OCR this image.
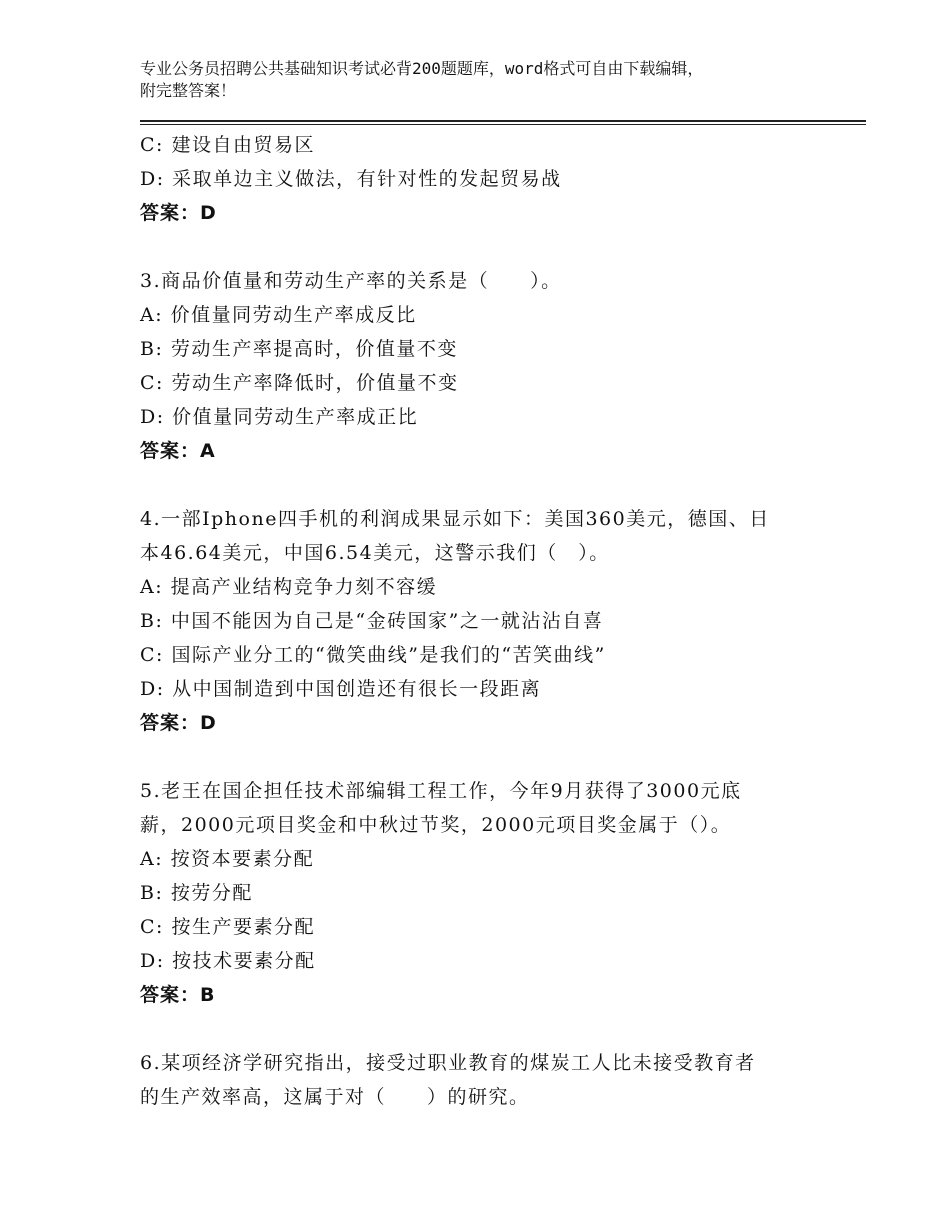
专业公务员招聘公共基础知识考试必背200题题库，word格式可自由下载编辑，
附完整答案！
C: 建设自由贸易区
D: 采取单边主义做法，有针对性的发起贸易战
答案：D
3.商品价值量和劳动生产率的关系是（　　）。
A: 价值量同劳动生产率成反比
B: 劳动生产率提高时，价值量不变
C: 劳动生产率降低时，价值量不变
D: 价值量同劳动生产率成正比
答案：A
4.一部Iphone四手机的利润成果显示如下：美国360美元，德国、日
本46.64美元，中国6.54美元，这警示我们（　）。
A: 提高产业结构竞争力刻不容缓
B: 中国不能因为自己是“金砖国家”之一就沾沾自喜
C: 国际产业分工的“微笑曲线”是我们的“苦笑曲线”
D: 从中国制造到中国创造还有很长一段距离
答案：D
5.老王在国企担任技术部编辑工程工作，今年9月获得了3000元底
薪，2000元项目奖金和中秋过节奖，2000元项目奖金属于（）。
A: 按资本要素分配
B: 按劳分配
C: 按生产要素分配
D: 按技术要素分配
答案：B
6.某项经济学研究指出，接受过职业教育的煤炭工人比未接受教育者
的生产效率高，这属于对（　　）的研究。
